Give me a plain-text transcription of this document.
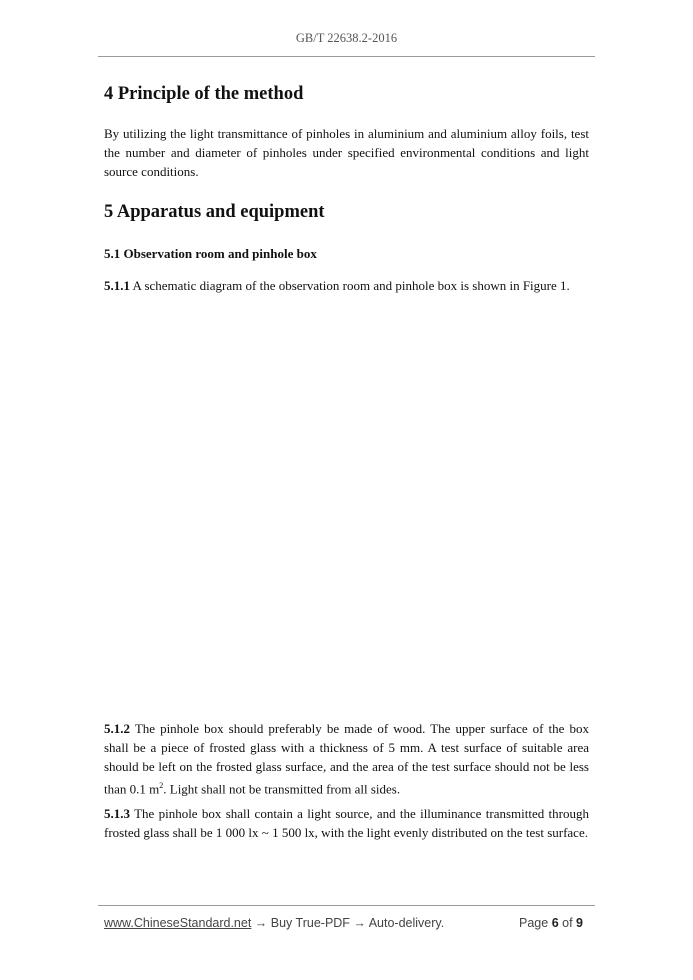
GB/T 22638.2-2016
4 Principle of the method

By utilizing the light transmittance of pinholes in aluminium and aluminium alloy foils, test the number and diameter of pinholes under specified environmental conditions and light source conditions.

5 Apparatus and equipment
5.1 Observation room and pinhole box

5.1.1 A schematic diagram of the observation room and pinhole box is shown in Figure 1.

5.1.2 The pinhole box should preferably be made of wood. The upper surface of the box shall be a piece of frosted glass with a thickness of 5 mm. A test surface of suitable area should be left on the frosted glass surface, and the area of the test surface should not be less than 0.1 $m^2$. Light shall not be transmitted from all sides.

5.1.3 The pinhole box shall contain a light source, and the illuminance transmitted through frosted glass shall be 1 000 lx ~ 1 500 lx, with the light evenly distributed on the test surface.

www.ChineseStandard.net → Buy True-PDF → Auto-delivery.	Page 6 of 9
